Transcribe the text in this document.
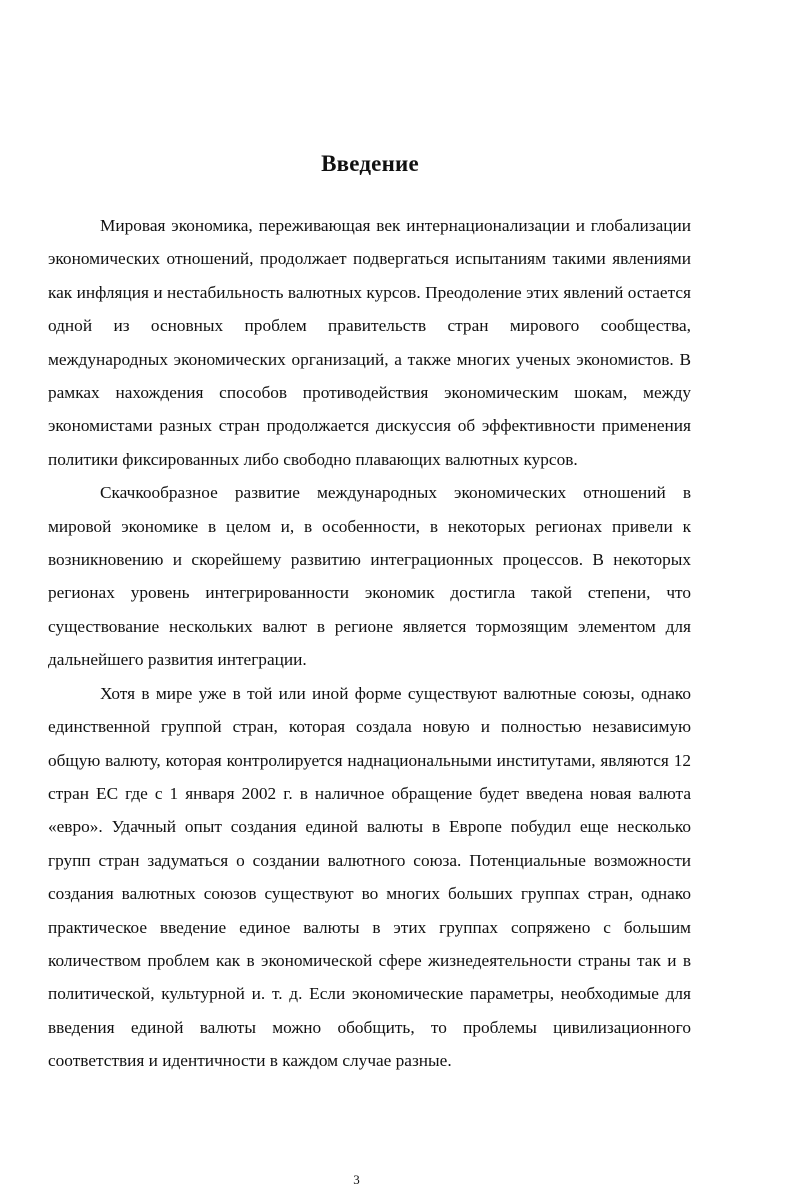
Введение

Мировая экономика, переживающая век интернационализации и глобализации экономических отношений, продолжает подвергаться испытаниям такими явлениями как инфляция и нестабильность валютных курсов. Преодоление этих явлений остается одной из основных проблем правительств стран мирового сообщества, международных экономических организаций, а также многих ученых экономистов. В рамках нахождения способов противодействия экономическим шокам, между экономистами разных стран продолжается дискуссия об эффективности применения политики фиксированных либо свободно плавающих валютных курсов.

Скачкообразное развитие международных экономических отношений в мировой экономике в целом и, в особенности, в некоторых регионах привели к возникновению и скорейшему развитию интеграционных процессов. В некоторых регионах уровень интегрированности экономик достигла такой степени, что существование нескольких валют в регионе является тормозящим элементом для дальнейшего развития интеграции.

Хотя в мире уже в той или иной форме существуют валютные союзы, однако единственной группой стран, которая создала новую и полностью независимую общую валюту, которая контролируется наднациональными институтами, являются 12 стран ЕС где с 1 января 2002 г. в наличное обращение будет введена новая валюта «евро». Удачный опыт создания единой валюты в Европе побудил еще несколько групп стран задуматься о создании валютного союза. Потенциальные возможности создания валютных союзов существуют во многих больших группах стран, однако практическое введение единое валюты в этих группах сопряжено с большим количеством проблем как в экономической сфере жизнедеятельности страны так и в политической, культурной и. т. д. Если экономические параметры, необходимые для введения единой валюты можно обобщить, то проблемы цивилизационного соответствия и идентичности в каждом случае разные.

3
